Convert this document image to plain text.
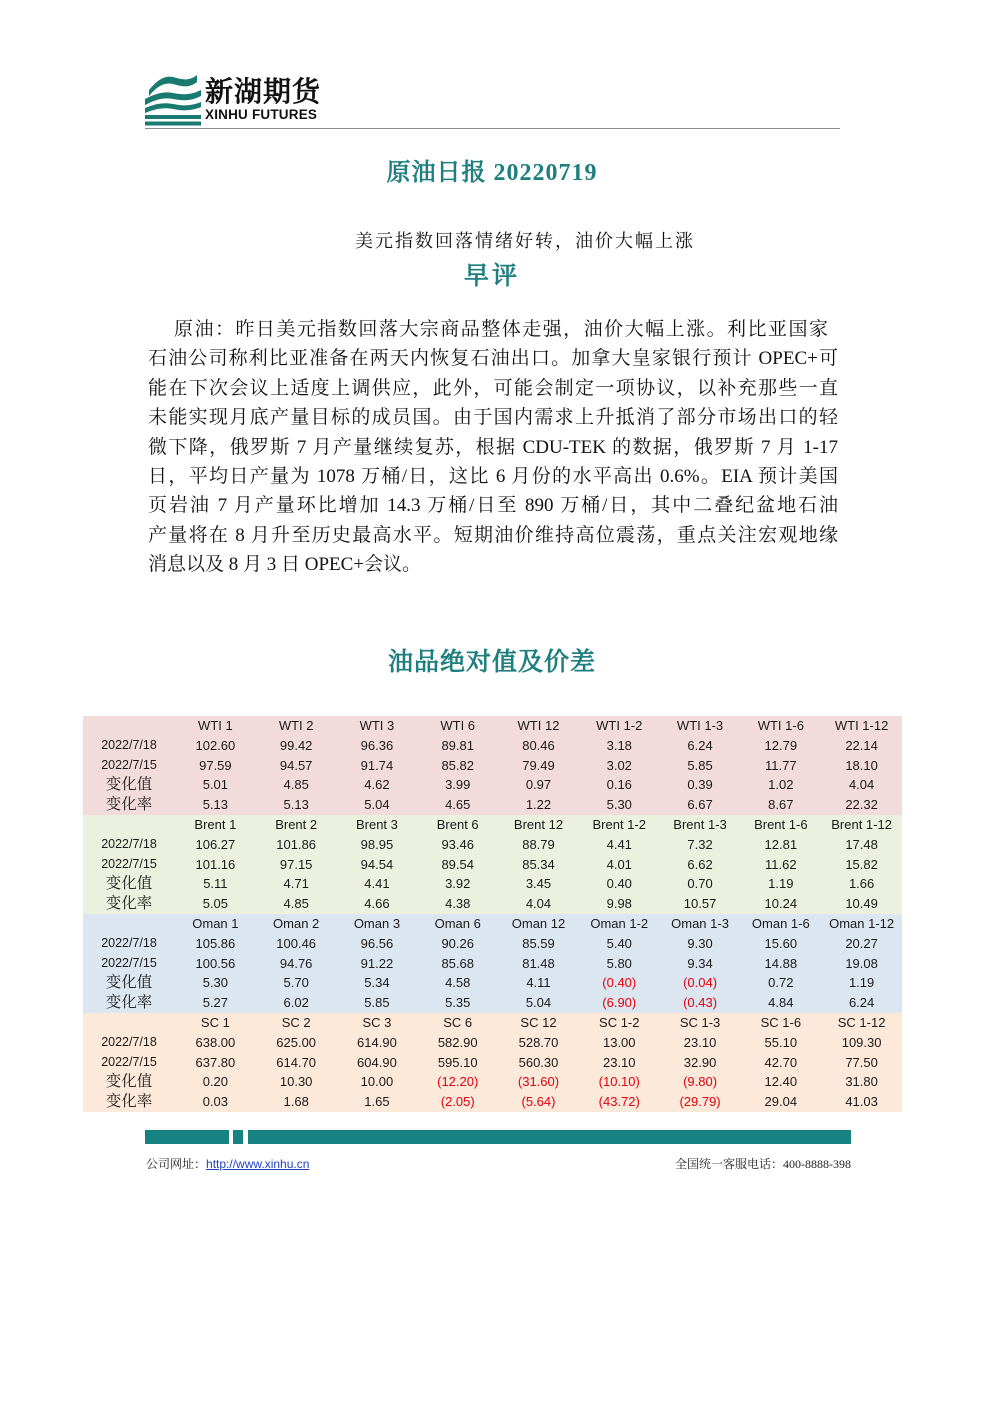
新湖期货
XINHU FUTURES
原油日报 20220719
美元指数回落情绪好转，油价大幅上涨
早评
原油：昨日美元指数回落大宗商品整体走强，油价大幅上涨。利比亚国家
石油公司称利比亚准备在两天内恢复石油出口。加拿大皇家银行预计 OPEC+可
能在下次会议上适度上调供应，此外，可能会制定一项协议，以补充那些一直
未能实现月底产量目标的成员国。由于国内需求上升抵消了部分市场出口的轻
微下降，俄罗斯 7 月产量继续复苏，根据 CDU-TEK 的数据，俄罗斯 7 月 1-17
日，平均日产量为 1078 万桶/日，这比 6 月份的水平高出 0.6%。EIA 预计美国
页岩油 7 月产量环比增加 14.3 万桶/日至 890 万桶/日，其中二叠纪盆地石油
产量将在 8 月升至历史最高水平。短期油价维持高位震荡，重点关注宏观地缘
消息以及 8 月 3 日 OPEC+会议。
油品绝对值及价差
WTI 1	WTI 2	WTI 3	WTI 6	WTI 12	WTI 1-2	WTI 1-3	WTI 1-6	WTI 1-12
2022/7/18	102.60	99.42	96.36	89.81	80.46	3.18	6.24	12.79	22.14
2022/7/15	97.59	94.57	91.74	85.82	79.49	3.02	5.85	11.77	18.10
变化值	5.01	4.85	4.62	3.99	0.97	0.16	0.39	1.02	4.04
变化率	5.13	5.13	5.04	4.65	1.22	5.30	6.67	8.67	22.32
Brent 1	Brent 2	Brent 3	Brent 6	Brent 12	Brent 1-2	Brent 1-3	Brent 1-6	Brent 1-12
2022/7/18	106.27	101.86	98.95	93.46	88.79	4.41	7.32	12.81	17.48
2022/7/15	101.16	97.15	94.54	89.54	85.34	4.01	6.62	11.62	15.82
变化值	5.11	4.71	4.41	3.92	3.45	0.40	0.70	1.19	1.66
变化率	5.05	4.85	4.66	4.38	4.04	9.98	10.57	10.24	10.49
Oman 1	Oman 2	Oman 3	Oman 6	Oman 12	Oman 1-2	Oman 1-3	Oman 1-6	Oman 1-12
2022/7/18	105.86	100.46	96.56	90.26	85.59	5.40	9.30	15.60	20.27
2022/7/15	100.56	94.76	91.22	85.68	81.48	5.80	9.34	14.88	19.08
变化值	5.30	5.70	5.34	4.58	4.11	(0.40)	(0.04)	0.72	1.19
变化率	5.27	6.02	5.85	5.35	5.04	(6.90)	(0.43)	4.84	6.24
SC 1	SC 2	SC 3	SC 6	SC 12	SC 1-2	SC 1-3	SC 1-6	SC 1-12
2022/7/18	638.00	625.00	614.90	582.90	528.70	13.00	23.10	55.10	109.30
2022/7/15	637.80	614.70	604.90	595.10	560.30	23.10	32.90	42.70	77.50
变化值	0.20	10.30	10.00	(12.20)	(31.60)	(10.10)	(9.80)	12.40	31.80
变化率	0.03	1.68	1.65	(2.05)	(5.64)	(43.72)	(29.79)	29.04	41.03
公司网址：http://www.xinhu.cn	全国统一客服电话：400-8888-398
